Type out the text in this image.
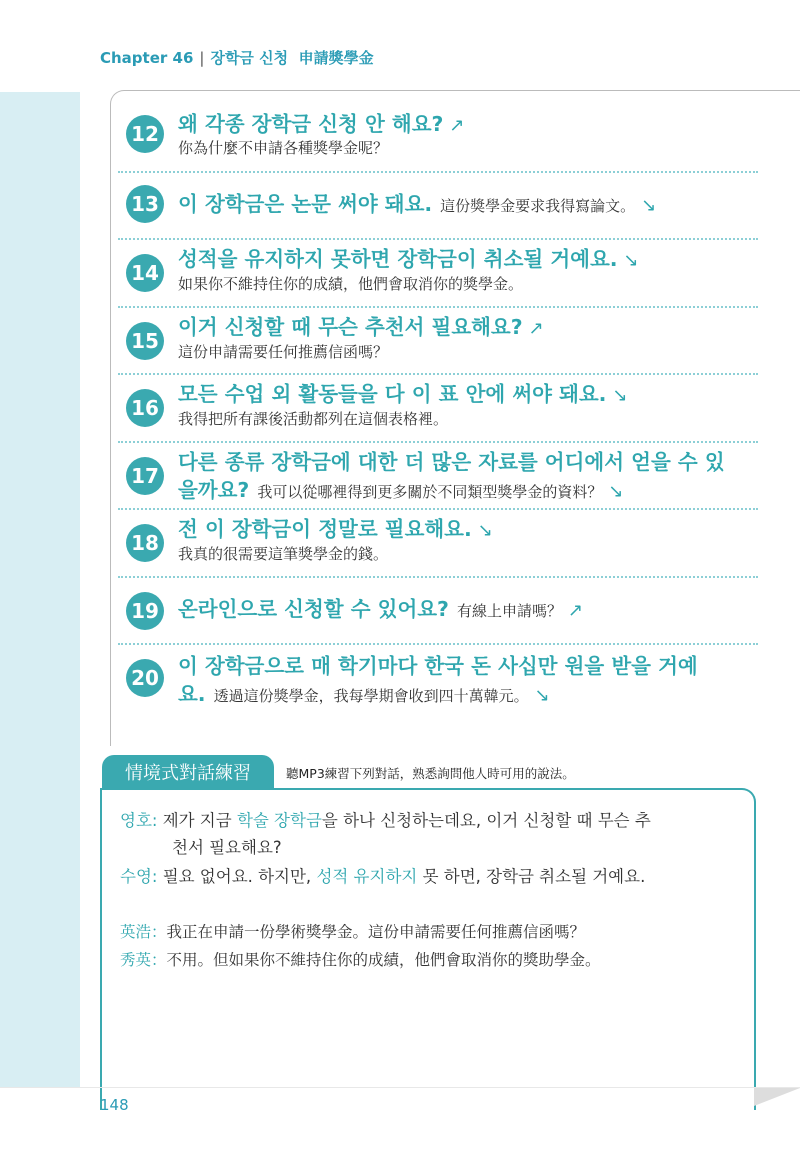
Chapter 46 | 장학금 신청 申請獎學金
12 왜 각종 장학금 신청 안 해요? ↗
你為什麼不申請各種獎學金呢？
13 이 장학금은 논문 써야 돼요. 這份獎學金要求我得寫論文。 ↘
14
성적을 유지하지 못하면 장학금이 취소될 거예요. ↘
如果你不維持住你的成績，他們會取消你的獎學金。
15
이거 신청할 때 무슨 추천서 필요해요? ↗
這份申請需要任何推薦信函嗎？
16
모든 수업 외 활동들을 다 이 표 안에 써야 돼요. ↘
我得把所有課後活動都列在這個表格裡。
17
다른 종류 장학금에 대한 더 많은 자료를 어디에서 얻을 수 있
을까요? 我可以從哪裡得到更多關於不同類型獎學金的資料？ ↘
18
전 이 장학금이 정말로 필요해요. ↘
我真的很需要這筆獎學金的錢。
19 온라인으로 신청할 수 있어요? 有線上申請嗎？ ↗
20 이 장학금으로 매 학기마다 한국 돈 사십만 원을 받을 거예
요. 透過這份獎學金，我每學期會收到四十萬韓元。 ↘
情境式對話練習	聽MP3練習下列對話，熟悉詢問他人時可用的說法。
영호: 제가 지금 학술 장학금을 하나 신청하는데요, 이거 신청할 때 무슨 추
천서 필요해요?
수영: 필요 없어요. 하지만, 성적 유지하지 못 하면, 장학금 취소될 거예요.
英浩：我正在申請一份學術獎學金。這份申請需要任何推薦信函嗎？
秀英：不用。但如果你不維持住你的成績，他們會取消你的獎助學金。
148
